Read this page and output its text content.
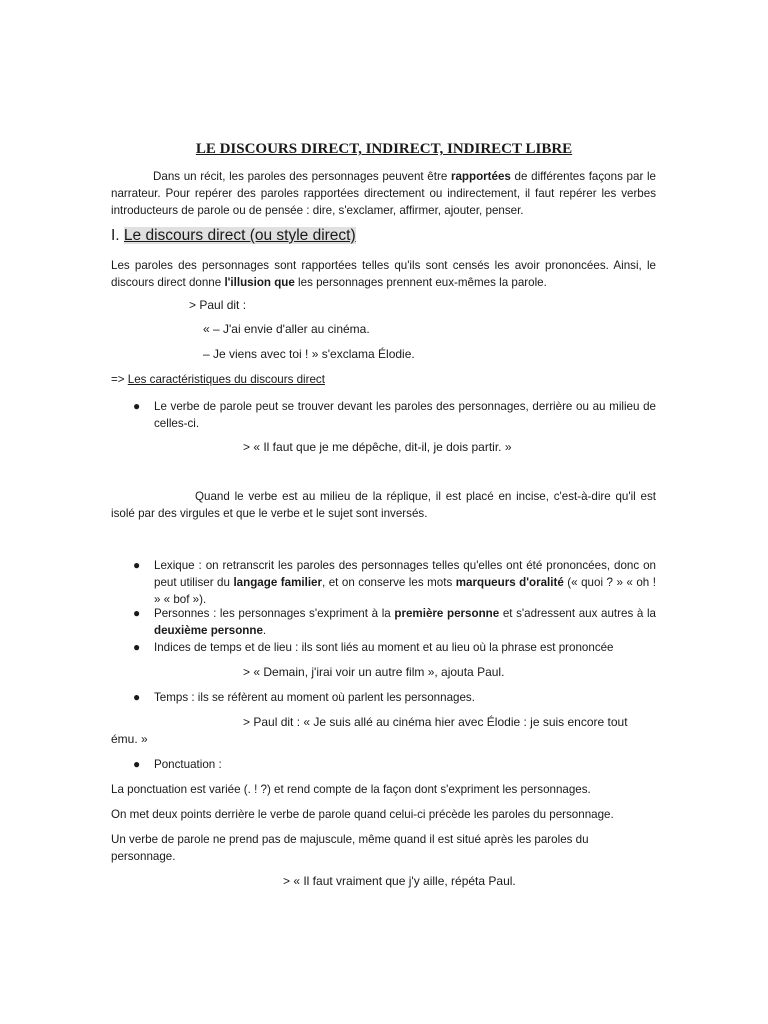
LE DISCOURS DIRECT, INDIRECT, INDIRECT LIBRE

Dans un récit, les paroles des personnages peuvent être rapportées de différentes façons par le narrateur. Pour repérer des paroles rapportées directement ou indirectement, il faut repérer les verbes introducteurs de parole ou de pensée : dire, s'exclamer, affirmer, ajouter, penser.

I. Le discours direct (ou style direct)

Les paroles des personnages sont rapportées telles qu'ils sont censés les avoir prononcées. Ainsi, le discours direct donne l'illusion que les personnages prennent eux-mêmes la parole.

> Paul dit :

« – J'ai envie d'aller au cinéma.

– Je viens avec toi ! » s'exclama Élodie.

=> Les caractéristiques du discours direct

● Le verbe de parole peut se trouver devant les paroles des personnages, derrière ou au milieu de celles-ci.

> « Il faut que je me dépêche, dit-il, je dois partir. »

Quand le verbe est au milieu de la réplique, il est placé en incise, c'est-à-dire qu'il est isolé par des virgules et que le verbe et le sujet sont inversés.

● Lexique : on retranscrit les paroles des personnages telles qu'elles ont été prononcées, donc on peut utiliser du langage familier, et on conserve les mots marqueurs d'oralité (« quoi ? » « oh ! » « bof »).

● Personnes : les personnages s'expriment à la première personne et s'adressent aux autres à la deuxième personne.

● Indices de temps et de lieu : ils sont liés au moment et au lieu où la phrase est prononcée

> « Demain, j'irai voir un autre film », ajouta Paul.

● Temps : ils se réfèrent au moment où parlent les personnages.

> Paul dit : « Je suis allé au cinéma hier avec Élodie : je suis encore tout

ému. »

● Ponctuation :

La ponctuation est variée (. ! ?) et rend compte de la façon dont s'expriment les personnages.

On met deux points derrière le verbe de parole quand celui-ci précède les paroles du personnage.

Un verbe de parole ne prend pas de majuscule, même quand il est situé après les paroles du personnage.

> « Il faut vraiment que j'y aille, répéta Paul.
